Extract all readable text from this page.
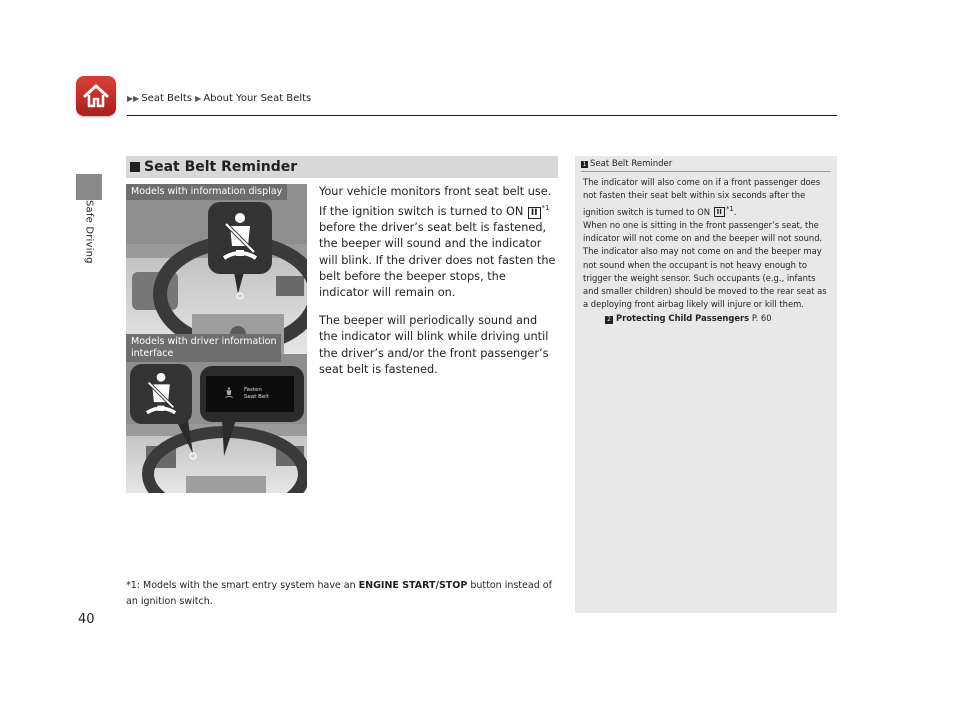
▶▶ Seat Belts ▶ About Your Seat Belts
Safe Driving
40
Seat Belt Reminder
Fasten
Seat Belt
Models with information display
Models with driver information
interface

Your vehicle monitors front seat belt use. If the ignition switch is turned to ON II $^{*1}$ before the driver’s seat belt is fastened, the beeper will sound and the indicator will blink. If the driver does not fasten the belt before the beeper stops, the indicator will remain on.

The beeper will periodically sound and the indicator will blink while driving until the driver’s and/or the front passenger’s seat belt is fastened.

*1: Models with the smart entry system have an ENGINE START/STOP button instead of an ignition switch.
1 Seat Belt Reminder
The indicator will also come on if a front passenger does not fasten their seat belt within six seconds after the ignition switch is turned to ON II $^{*1}$.
When no one is sitting in the front passenger’s seat, the indicator will not come on and the beeper will not sound. The indicator also may not come on and the beeper may not sound when the occupant is not heavy enough to trigger the weight sensor. Such occupants (e.g., infants and smaller children) should be moved to the rear seat as a deploying front airbag likely will injure or kill them.
2 Protecting Child Passengers P. 60
